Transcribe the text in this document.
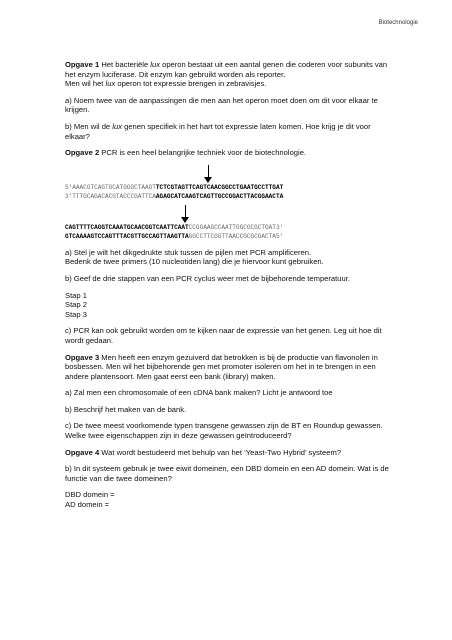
Biotechnologie

Opgave 1 Het bacteriële lux operon bestaat uit een aantal genen die coderen voor subunits van het enzym luciferase. Dit enzym kan gebruikt worden als reporter.
Men wil het lux operon tot expressie brengen in zebravisjes.

a) Noem twee van de aanpassingen die men aan het operon moet doen om dit voor elkaar te krijgen.

b) Men wil de lux genen specifiek in het hart tot expressie laten komen. Hoe krijg je dit voor elkaar?

Opgave 2 PCR is een heel belangrijke techniek voor de biotechnologie.

5’AAACGTCAGTGCATGGGCTAAGTTCTCGTAGTTCAGTCAACGGCCTGAATGCCTTGAT
3’TTTGCAGACACGTACCCGATTCAAGAGCATCAAGTCAGTTGCCGGACTTACGGAACTA
CAGTTTTCAGGTCAAATGCAACGGTCAATTCAATCCGGAAGCCAATTGGCGCGCTGAT3’
GTCAAAAGTCCAGTTTACGTTGCCAGTTAAGTTAGGCCTTCGGTTAACCGCGCGACTA5’

a) Stel je wilt het dikgedrukte stuk tussen de pijlen met PCR amplificeren.
Bedenk de twee primers (10 nucleotiden lang) die je hiervoor kunt gebruiken.

b) Geef de drie stappen van een PCR cyclus weer met de bijbehorende temperatuur.

Stap 1
Stap 2
Stap 3

c) PCR kan ook gebruikt worden om te kijken naar de expressie van het genen. Leg uit hoe dit wordt gedaan.

Opgave 3 Men heeft een enzym gezuiverd dat betrokken is bij de productie van flavonolen in bosbessen. Men wil het bijbehorende gen met promoter isoleren om het in te brengen in een andere plantensoort. Men gaat eerst een bank (library) maken.

a) Zal men een chromosomale of een cDNA bank maken? Licht je antwoord toe

b) Beschrijf het maken van de bank.

c) De twee meest voorkomende typen transgene gewassen zijn de BT en Roundup gewassen. Welke twee eigenschappen zijn in deze gewassen geïntroduceerd?

Opgave 4 Wat wordt bestudeerd met behulp van het ‘Yeast-Two Hybrid’ systeem?

b) In dit systeem gebruik je twee eiwit domeinen, een DBD domein en een AD domein. Wat is de functie van die twee domeinen?

DBD domein =
AD domein =
